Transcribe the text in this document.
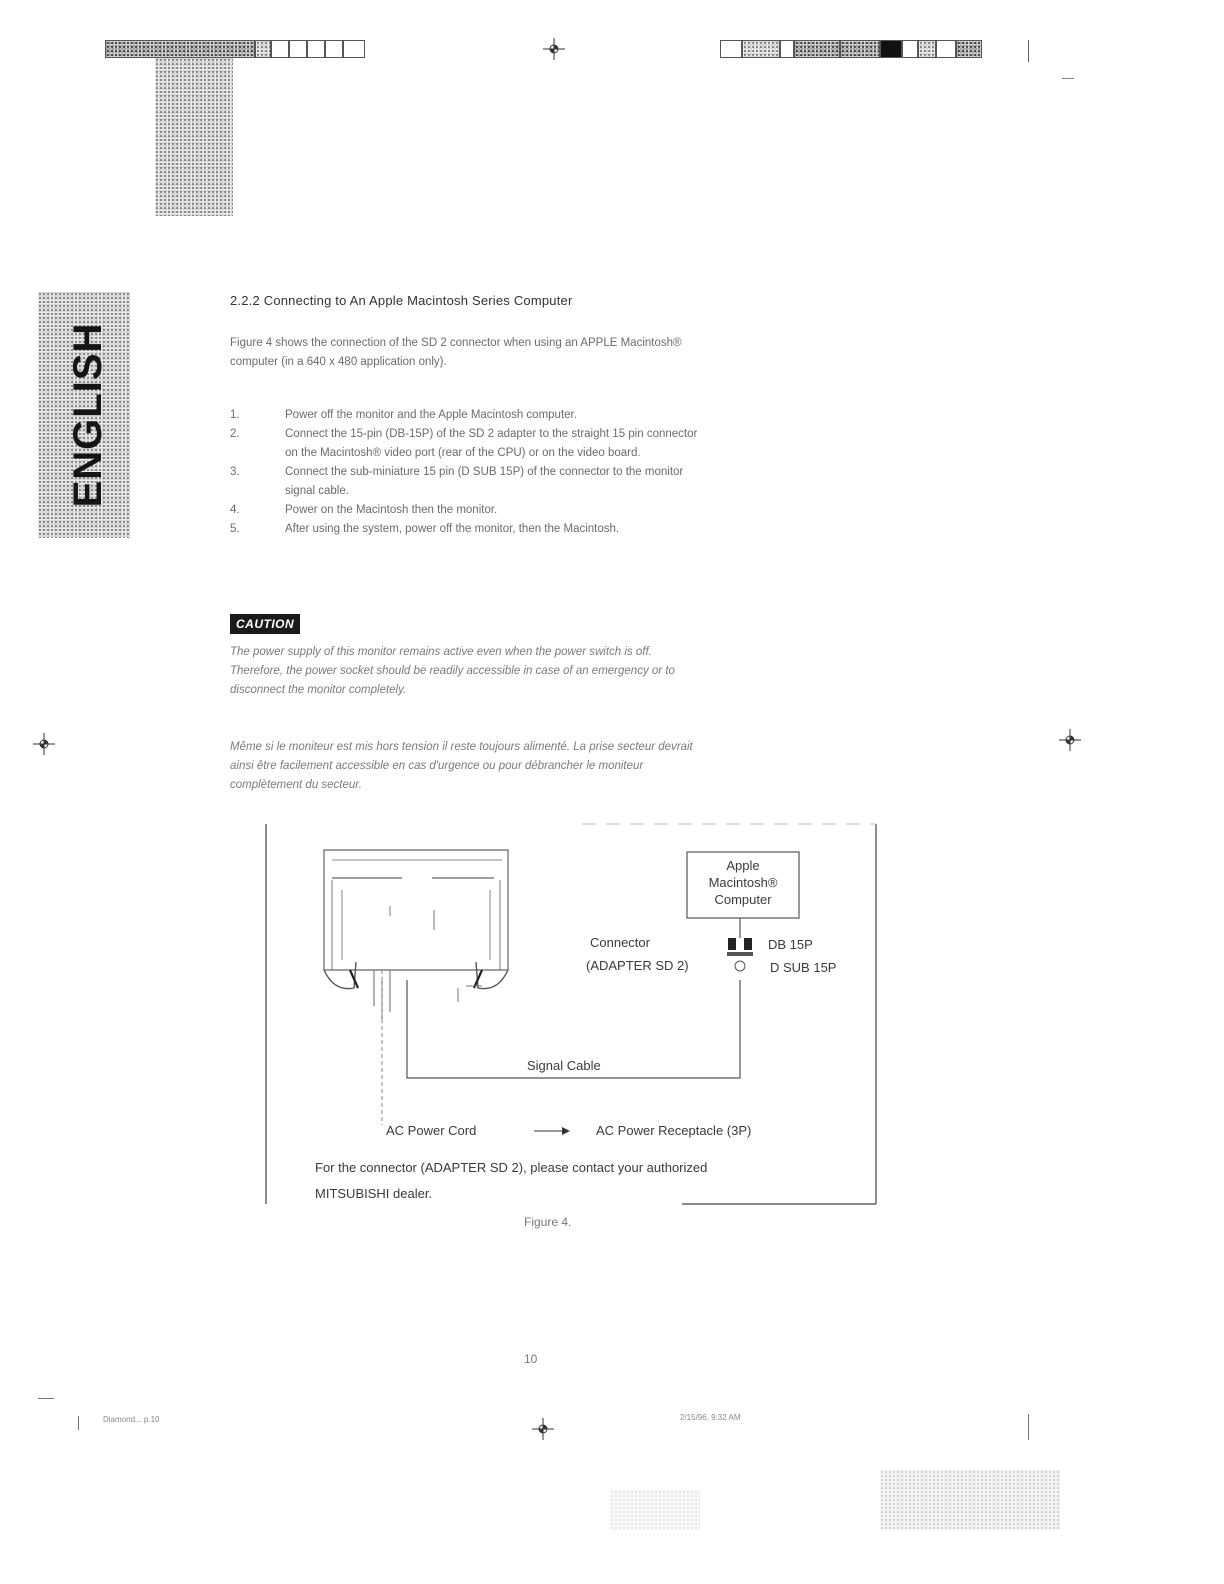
ENGLISH
2.2.2 Connecting to An Apple Macintosh Series Computer
Figure 4 shows the connection of the SD 2 connector when using an APPLE Macintosh®
computer (in a 640 x 480 application only).
1.	Power off the monitor and the Apple Macintosh computer.
2.	Connect the 15-pin (DB-15P) of the SD 2 adapter to the straight 15 pin connector
on the Macintosh® video port (rear of the CPU) or on the video board.
3.	Connect the sub-miniature 15 pin (D SUB 15P) of the connector to the monitor
signal cable.
4.	Power on the Macintosh then the monitor.
5.	After using the system, power off the monitor, then the Macintosh.
CAUTION
The power supply of this monitor remains active even when the power switch is off.
Therefore, the power socket should be readily accessible in case of an emergency or to
disconnect the monitor completely.
Même si le moniteur est mis hors tension il reste toujours alimenté. La prise secteur devrait
ainsi être facilement accessible en cas d'urgence ou pour débrancher le moniteur
complètement du secteur.
Apple
Macintosh®
Computer
Connector
(ADAPTER SD 2)
DB 15P
D SUB 15P
Signal Cable
AC Power Cord	AC Power Receptacle (3P)
For the connector (ADAPTER SD 2), please contact your authorized
MITSUBISHI dealer.
Figure 4.
10
Diamond... p.10	2/15/96, 9:32 AM
